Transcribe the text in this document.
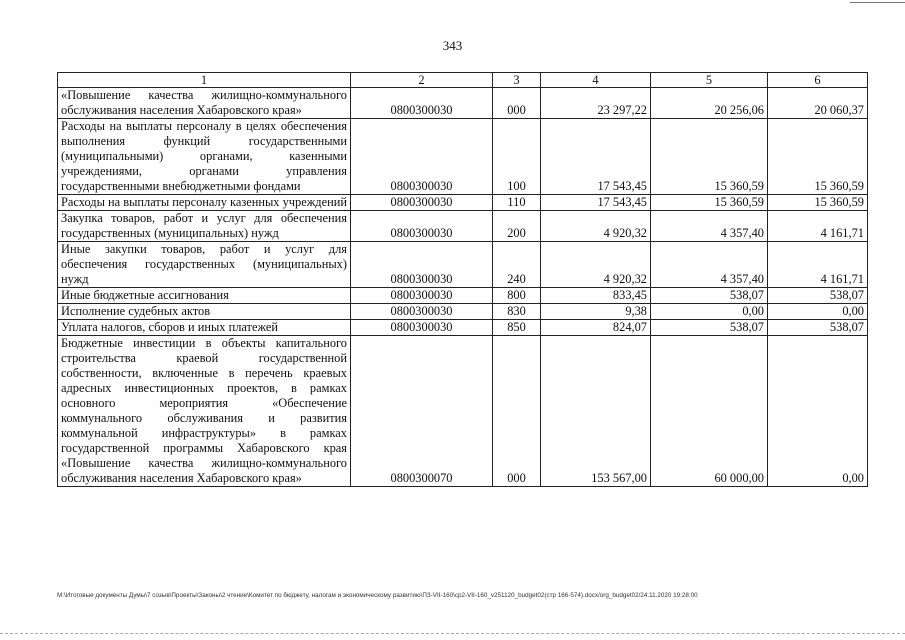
343
1	2	3	4	5	6
«Повышение качества жилищно-коммунального обслуживания населения Хабаровского края»	0800300030	000	23 297,22	20 256,06	20 060,37
Расходы на выплаты персоналу в целях обеспечения выполнения функций государственными (муниципальными) органами, казенными учреждениями, органами управления государственными внебюджетными фондами	0800300030	100	17 543,45	15 360,59	15 360,59
Расходы на выплаты персоналу казенных учреждений	0800300030	110	17 543,45	15 360,59	15 360,59
Закупка товаров, работ и услуг для обеспечения государственных (муниципальных) нужд	0800300030	200	4 920,32	4 357,40	4 161,71
Иные закупки товаров, работ и услуг для обеспечения государственных (муниципальных) нужд	0800300030	240	4 920,32	4 357,40	4 161,71
Иные бюджетные ассигнования	0800300030	800	833,45	538,07	538,07
Исполнение судебных актов	0800300030	830	9,38	0,00	0,00
Уплата налогов, сборов и иных платежей	0800300030	850	824,07	538,07	538,07
Бюджетные инвестиции в объекты капитального строительства краевой государственной собственности, включенные в перечень краевых адресных инвестиционных проектов, в рамках основного мероприятия «Обеспечение коммунального обслуживания и развития коммунальной инфраструктуры» в рамках государственной программы Хабаровского края «Повышение качества жилищно-коммунального обслуживания населения Хабаровского края»	0800300070	000	153 567,00	60 000,00	0,00
M:\Итоговые документы Думы\7 созыв\Проекты\Законы\2 чтение\Комитет по бюджету, налогам и экономическому развитию\ПЗ-VII-160\ср2-VII-160_v251120_budget02(стр 166-574).docx/org_budget02/24.11.2020 19:28:00
